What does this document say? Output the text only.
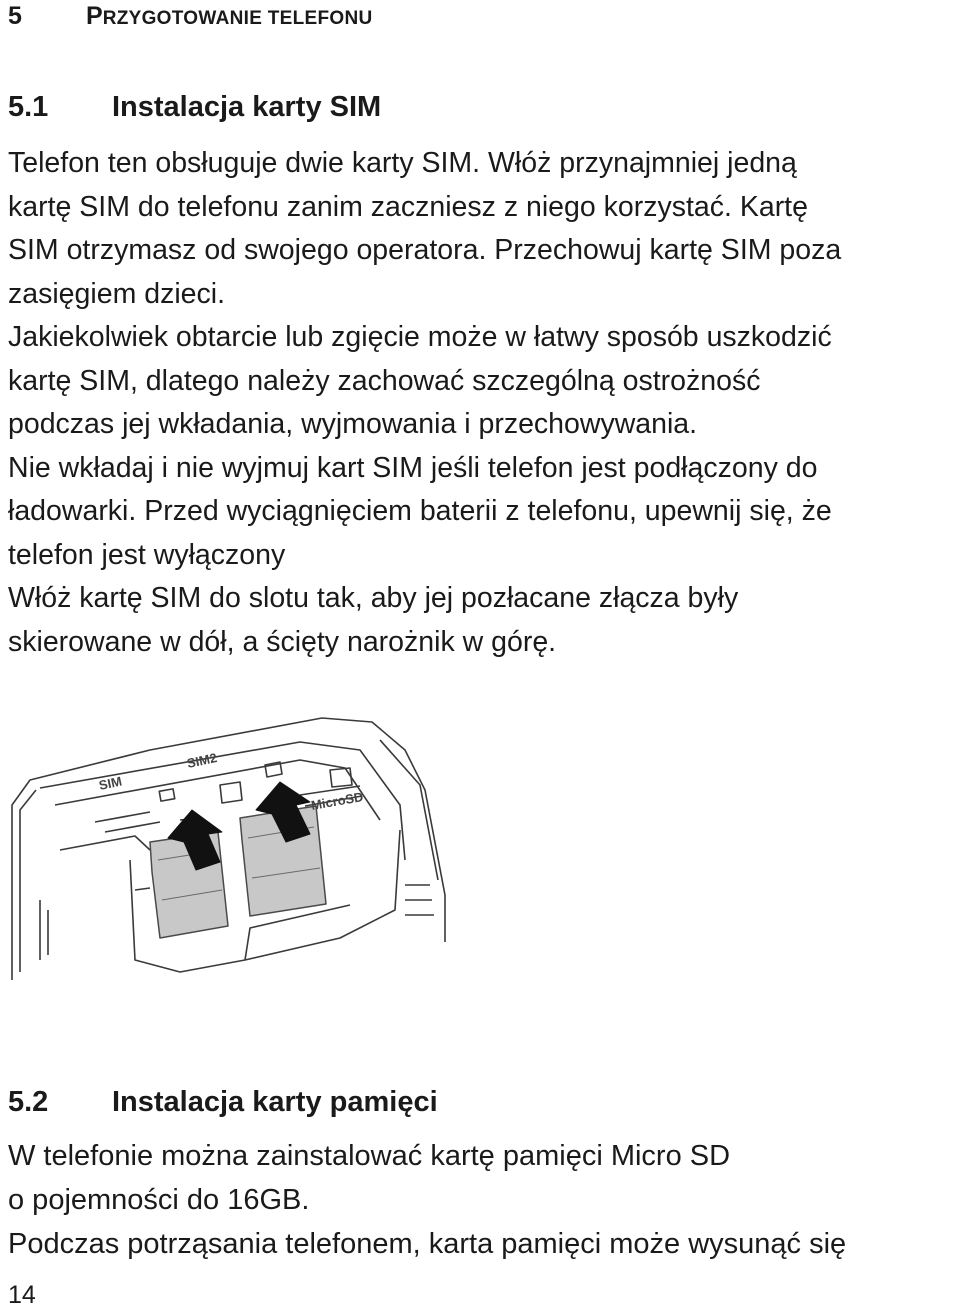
5	PRZYGOTOWANIE TELEFONU
5.1 Instalacja karty SIM
Telefon ten obsługuje dwie karty SIM. Włóż przynajmniej jedną
kartę SIM do telefonu zanim zaczniesz z niego korzystać. Kartę
SIM otrzymasz od swojego operatora. Przechowuj kartę SIM poza
zasięgiem dzieci.
Jakiekolwiek obtarcie lub zgięcie może w łatwy sposób uszkodzić
kartę SIM, dlatego należy zachować szczególną ostrożność
podczas jej wkładania, wyjmowania i przechowywania.
Nie wkładaj i nie wyjmuj kart SIM jeśli telefon jest podłączony do
ładowarki. Przed wyciągnięciem baterii z telefonu, upewnij się, że
telefon jest wyłączony
Włóż kartę SIM do slotu tak, aby jej pozłacane złącza były
skierowane w dół, a ścięty narożnik w górę.
SIM
SIM2
MicroSD
5.2 Instalacja karty pamięci
W telefonie można zainstalować kartę pamięci Micro SD
o pojemności do 16GB.
Podczas potrząsania telefonem, karta pamięci może wysunąć się
14
